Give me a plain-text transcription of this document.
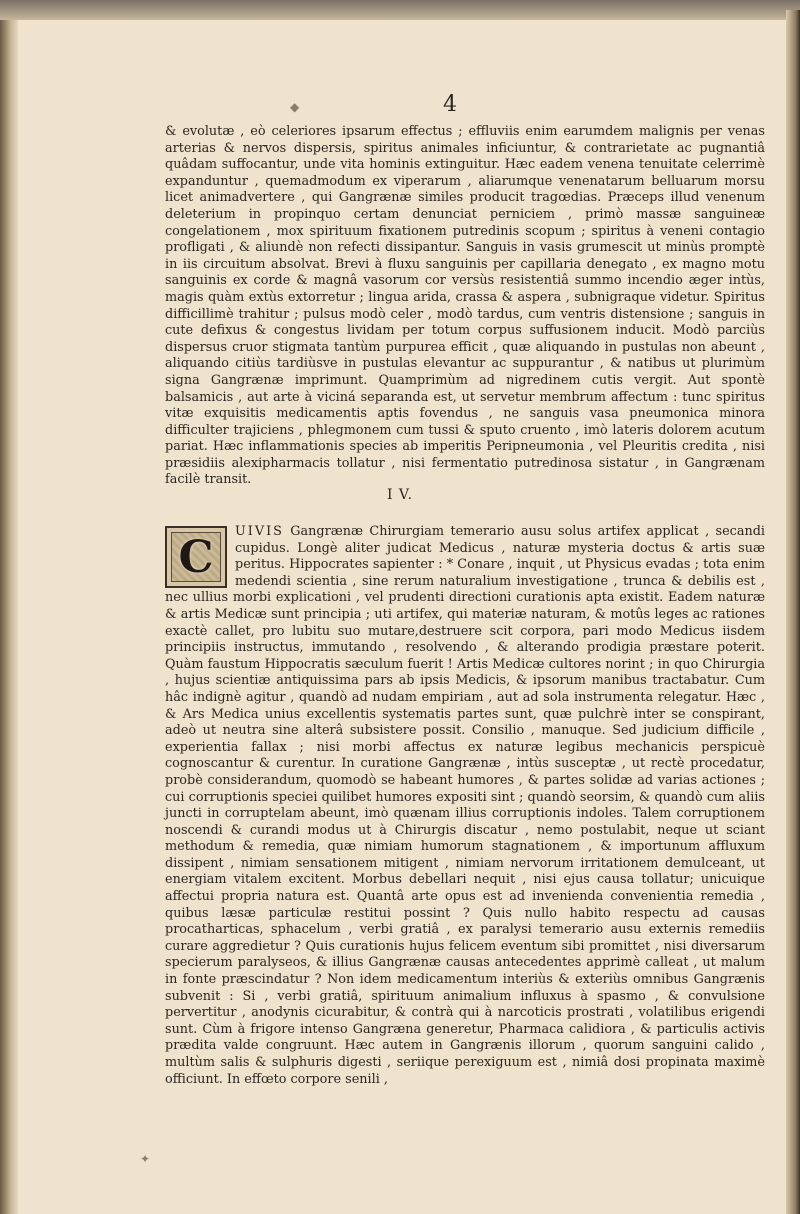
4
& evolutæ , eò celeriores ipsarum effectus ; effluviis enim earumdem malignis per venas arterias & nervos dispersis, spiritus animales inficiuntur, & contrarietate ac pugnantiâ quâdam suffocantur, unde vita hominis extinguitur. Hæc eadem venena tenuitate celerrimè expanduntur , quemadmodum ex viperarum , aliarumque venenatarum belluarum morsu licet animadvertere , qui Gangrænæ similes producit tragœdias. Præceps illud venenum deleterium in propinquo certam denunciat perniciem , primò massæ sanguineæ congelationem , mox spirituum fixationem putredinis scopum ; spiritus à veneni contagio profligati , & aliundè non refecti dissipantur. Sanguis in vasis grumescit ut minùs promptè in iis circuitum absolvat. Brevi à fluxu sanguinis per capillaria denegato , ex magno motu sanguinis ex corde & magnâ vasorum cor versùs resistentiâ summo incendio æger intùs, magis quàm extùs extorretur ; lingua arida, crassa & aspera , subnigraque videtur. Spiritus difficillimè trahitur ; pulsus modò celer , modò tardus, cum ventris distensione ; sanguis in cute defixus & congestus lividam per totum corpus suffusionem inducit. Modò parciùs dispersus cruor stigmata tantùm purpurea efficit , quæ aliquando in pustulas non abeunt , aliquando citiùs tardiùsve in pustulas elevantur ac suppurantur , & natibus ut plurimùm signa Gangrænæ imprimunt. Quamprimùm ad nigredinem cutis vergit. Aut spontè balsamicis , aut arte à viciná separanda est, ut servetur membrum affectum : tunc spiritus vitæ exquisitis medicamentis aptis fovendus , ne sanguis vasa pneumonica minora difficulter trajiciens , phlegmonem cum tussi & sputo cruento , imò lateris dolorem acutum pariat. Hæc inflammationis species ab imperitis Peripneumonia , vel Pleuritis credita , nisi præsidiis alexipharmacis tollatur , nisi fermentatio putredinosa sistatur , in Gangrænam facilè transit.
I V.
C
UIVIS Gangrænæ Chirurgiam temerario ausu solus artifex applicat , secandi cupidus. Longè aliter judicat Medicus , naturæ mysteria doctus & artis suæ peritus. Hippocrates sapienter : * Conare , inquit , ut Physicus evadas ; tota enim medendi scientia , sine rerum naturalium investigatione , trunca & debilis est , nec ullius morbi explicationi , vel prudenti directioni curationis apta existit. Eadem naturæ & artis Medicæ sunt principia ; uti artifex, qui materiæ naturam, & motûs leges ac rationes exactè callet, pro lubitu suo mutare,destruere scit corpora, pari modo Medicus iisdem principiis instructus, immutando , resolvendo , & alterando prodigia præstare poterit. Quàm faustum Hippocratis sæculum fuerit ! Artis Medicæ cultores norint ; in quo Chirurgia , hujus scientiæ antiquissima pars ab ipsis Medicis, & ipsorum manibus tractabatur. Cum hâc indignè agitur , quandò ad nudam empiriam , aut ad sola instrumenta relegatur. Hæc , & Ars Medica unius excellentis systematis partes sunt, quæ pulchrè inter se conspirant, adeò ut neutra sine alterâ subsistere possit. Consilio , manuque. Sed judicium difficile , experientia fallax ; nisi morbi affectus ex naturæ legibus mechanicis perspicuè cognoscantur & curentur. In curatione Gangrænæ , intùs susceptæ , ut rectè procedatur, probè considerandum, quomodò se habeant humores , & partes solidæ ad varias actiones ; cui corruptionis speciei quilibet humores expositi sint ; quandò seorsim, & quandò cum aliis juncti in corruptelam abeunt, imò quænam illius corruptionis indoles. Talem corruptionem noscendi & curandi modus ut à Chirurgis discatur , nemo postulabit, neque ut sciant methodum & remedia, quæ nimiam humorum stagnationem , & importunum affluxum dissipent , nimiam sensationem mitigent , nimiam nervorum irritationem demulceant, ut energiam vitalem excitent. Morbus debellari nequit , nisi ejus causa tollatur; unicuique affectui propria natura est. Quantâ arte opus est ad invenienda convenientia remedia , quibus læsæ particulæ restitui possint ? Quis nullo habito respectu ad causas procatharticas, sphacelum , verbi gratiâ , ex paralysi temerario ausu externis remediis curare aggredietur ? Quis curationis hujus felicem eventum sibi promittet , nisi diversarum specierum paralyseos, & illius Gangrænæ causas antecedentes apprimè calleat , ut malum in fonte præscindatur ? Non idem medicamentum interiùs & exteriùs omnibus Gangrænis subvenit : Si , verbi gratiâ, spirituum animalium influxus à spasmo , & convulsione pervertitur , anodynis cicurabitur, & contrà qui à narcoticis prostrati , volatilibus erigendi sunt. Cùm à frigore intenso Gangræna generetur, Pharmaca calidiora , & particulis activis prædita valde congruunt. Hæc autem in Gangrænis illorum , quorum sanguini calido , multùm salis & sulphuris digesti , seriique perexiguum est , nimiâ dosi propinata maximè officiunt. In effœto corpore senili ,
◆
✦
